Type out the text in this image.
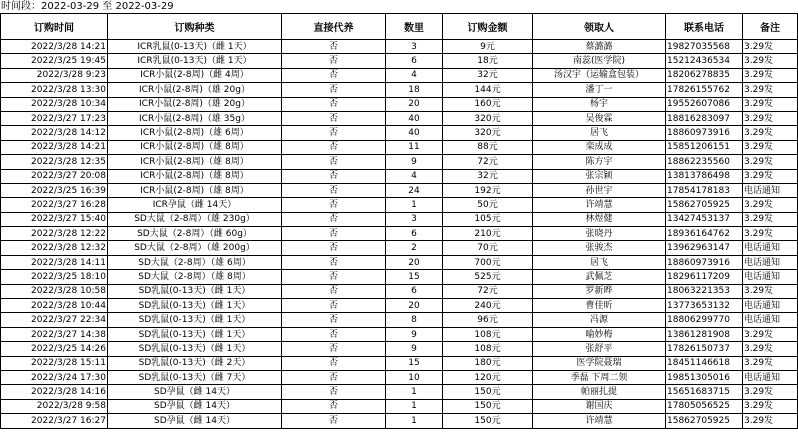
时间段：2022-03-29 至 2022-03-29
订购时间	订购种类	直接代养	数里	订购金额	领取人	联系电话	备注
2022/3/28 14:21	ICR乳鼠(0-13天)（雌 1天）	否	3	9元	蔡潞潞	19827035568	3.29发
2022/3/25 19:45	ICR乳鼠(0-13天)（雌 1天）	否	6	18元	南蕊(医学院)	15212436534	3.29发
2022/3/28 9:23	ICR小鼠(2-8周)（雌 4周）	否	4	32元	汤汉宇（运输盒包装）	18206278835	3.29发
2022/3/28 13:30	ICR小鼠(2-8周)（雄 20g）	否	18	144元	潘丁一	17826155762	3.29发
2022/3/28 10:34	ICR小鼠(2-8周)（雄 20g）	否	20	160元	杨宇	19552607086	3.29发
2022/3/27 17:23	ICR小鼠(2-8周)（雄 35g）	否	40	320元	吴俊霖	18816283097	3.29发
2022/3/28 14:12	ICR小鼠(2-8周)（雄 6周）	否	40	320元	居飞	18860973916	3.29发
2022/3/28 14:21	ICR小鼠(2-8周)（雄 8周）	否	11	88元	栾成成	15851206151	3.29发
2022/3/28 12:35	ICR小鼠(2-8周)（雄 8周）	否	9	72元	陈方宇	18862235560	3.29发
2022/3/27 20:08	ICR小鼠(2-8周)（雄 8周）	否	4	32元	张宗颖	13813786498	3.29发
2022/3/25 16:39	ICR小鼠(2-8周)（雄 8周）	否	24	192元	孙世宇	17854178183	电话通知
2022/3/27 16:28	ICR孕鼠（雌 14天）	否	1	50元	许靖慧	15862705925	3.29发
2022/3/27 15:40	SD大鼠（2-8周）（雄 230g）	否	3	105元	林煜健	13427453137	3.29发
2022/3/28 12:22	SD大鼠（2-8周）（雌 60g）	否	6	210元	张晓丹	18936164762	3.29发
2022/3/28 12:32	SD大鼠（2-8周）（雄 200g）	否	2	70元	张骏杰	13962963147	电话通知
2022/3/28 14:11	SD大鼠（2-8周）（雄 6周）	否	20	700元	居飞	18860973916	电话通知
2022/3/25 18:10	SD大鼠（2-8周）（雄 8周）	否	15	525元	武佩芝	18296117209	电话通知
2022/3/28 10:58	SD乳鼠(0-13天)（雌 1天）	否	6	72元	罗新晔	18063221353	3.29发
2022/3/28 10:44	SD乳鼠(0-13天)（雌 1天）	否	20	240元	曹佳昕	13773653132	电话通知
2022/3/27 22:34	SD乳鼠(0-13天)（雌 1天）	否	8	96元	冯源	18806299770	电话通知
2022/3/27 14:38	SD乳鼠(0-13天)（雌 1天）	否	9	108元	喻妙梅	13861281908	3.29发
2022/3/25 14:26	SD乳鼠(0-13天)（雌 1天）	否	9	108元	张舒平	17826150737	3.29发
2022/3/28 15:11	SD乳鼠(0-13天)（雌 2天）	否	15	180元	医学院聂瑞	18451146618	3.29发
2022/3/24 17:30	SD乳鼠(0-13天)（雌 7天）	否	10	120元	季磊 下周二领	19851305016	电话通知
2022/3/28 14:16	SD孕鼠（雌 14天）	否	1	150元	帕丽扎提	15651683715	3.29发
2022/3/28 9:58	SD孕鼠（雌 14天）	否	1	150元	谢国庆	17805056525	3.29发
2022/3/27 16:27	SD孕鼠（雌 14天）	否	1	150元	许靖慧	15862705925	3.29发
